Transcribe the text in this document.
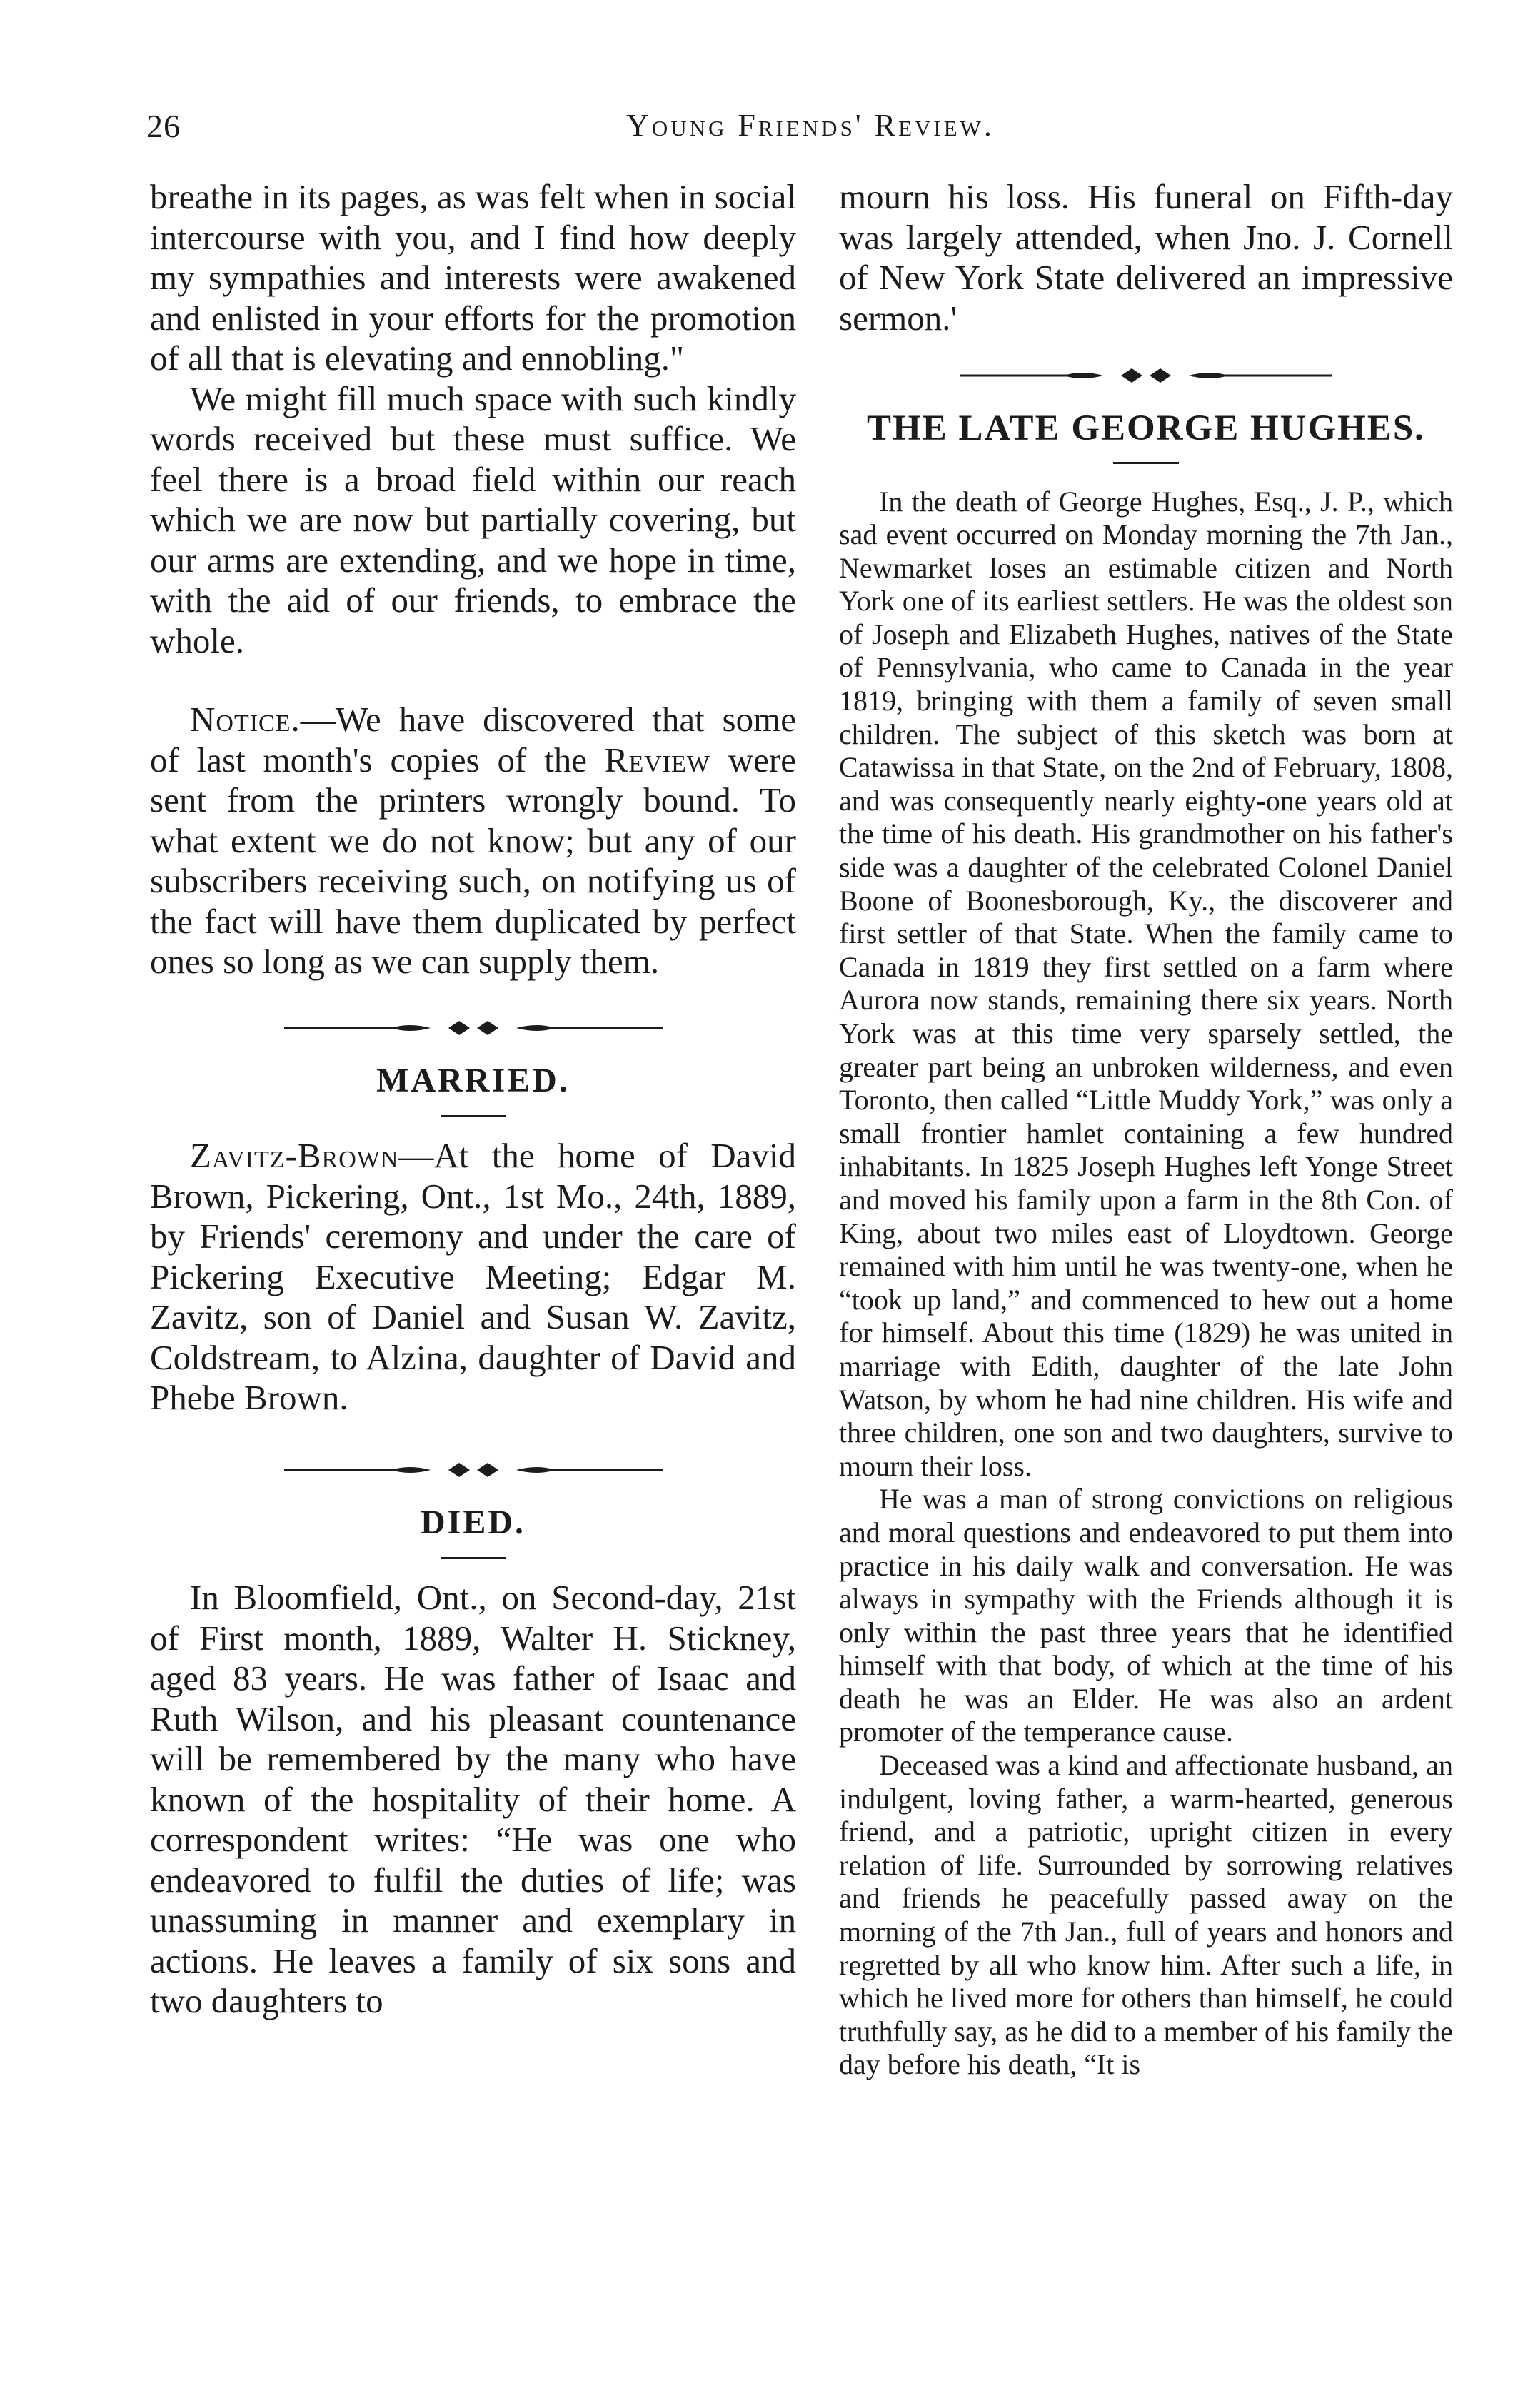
26	Young Friends' Review.

breathe in its pages, as was felt when in social intercourse with you, and I find how deeply my sympathies and interests were awakened and enlisted in your efforts for the promotion of all that is elevating and ennobling."

We might fill much space with such kindly words received but these must suffice. We feel there is a broad field within our reach which we are now but partially covering, but our arms are extending, and we hope in time, with the aid of our friends, to embrace the whole.

Notice.—We have discovered that some of last month's copies of the Review were sent from the printers wrongly bound. To what extent we do not know; but any of our subscribers receiving such, on notifying us of the fact will have them duplicated by perfect ones so long as we can supply them.

MARRIED.

Zavitz-Brown—At the home of David Brown, Pickering, Ont., 1st Mo., 24th, 1889, by Friends' ceremony and under the care of Pickering Executive Meeting; Edgar M. Zavitz, son of Daniel and Susan W. Zavitz, Coldstream, to Alzina, daughter of David and Phebe Brown.

DIED.

In Bloomfield, Ont., on Second-day, 21st of First month, 1889, Walter H. Stickney, aged 83 years. He was father of Isaac and Ruth Wilson, and his pleasant countenance will be remembered by the many who have known of the hospitality of their home. A correspondent writes: “He was one who endeavored to fulfil the duties of life; was unassuming in manner and exemplary in actions. He leaves a family of six sons and two daughters to

mourn his loss. His funeral on Fifth-day was largely attended, when Jno. J. Cornell of New York State delivered an impressive sermon.'

THE LATE GEORGE HUGHES.

In the death of George Hughes, Esq., J. P., which sad event occurred on Monday morning the 7th Jan., Newmarket loses an estimable citizen and North York one of its earliest settlers. He was the oldest son of Joseph and Elizabeth Hughes, natives of the State of Pennsylvania, who came to Canada in the year 1819, bringing with them a family of seven small children. The subject of this sketch was born at Catawissa in that State, on the 2nd of February, 1808, and was consequently nearly eighty-one years old at the time of his death. His grandmother on his father's side was a daughter of the celebrated Colonel Daniel Boone of Boonesborough, Ky., the discoverer and first settler of that State. When the family came to Canada in 1819 they first settled on a farm where Aurora now stands, remaining there six years. North York was at this time very sparsely settled, the greater part being an unbroken wilderness, and even Toronto, then called “Little Muddy York,” was only a small frontier hamlet containing a few hundred inhabitants. In 1825 Joseph Hughes left Yonge Street and moved his family upon a farm in the 8th Con. of King, about two miles east of Lloydtown. George remained with him until he was twenty-one, when he “took up land,” and commenced to hew out a home for himself. About this time (1829) he was united in marriage with Edith, daughter of the late John Watson, by whom he had nine children. His wife and three children, one son and two daughters, survive to mourn their loss.

He was a man of strong convictions on religious and moral questions and endeavored to put them into practice in his daily walk and conversation. He was always in sympathy with the Friends although it is only within the past three years that he identified himself with that body, of which at the time of his death he was an Elder. He was also an ardent promoter of the temperance cause.

Deceased was a kind and affectionate husband, an indulgent, loving father, a warm-hearted, generous friend, and a patriotic, upright citizen in every relation of life. Surrounded by sorrowing relatives and friends he peacefully passed away on the morning of the 7th Jan., full of years and honors and regretted by all who know him. After such a life, in which he lived more for others than himself, he could truthfully say, as he did to a member of his family the day before his death, “It is
